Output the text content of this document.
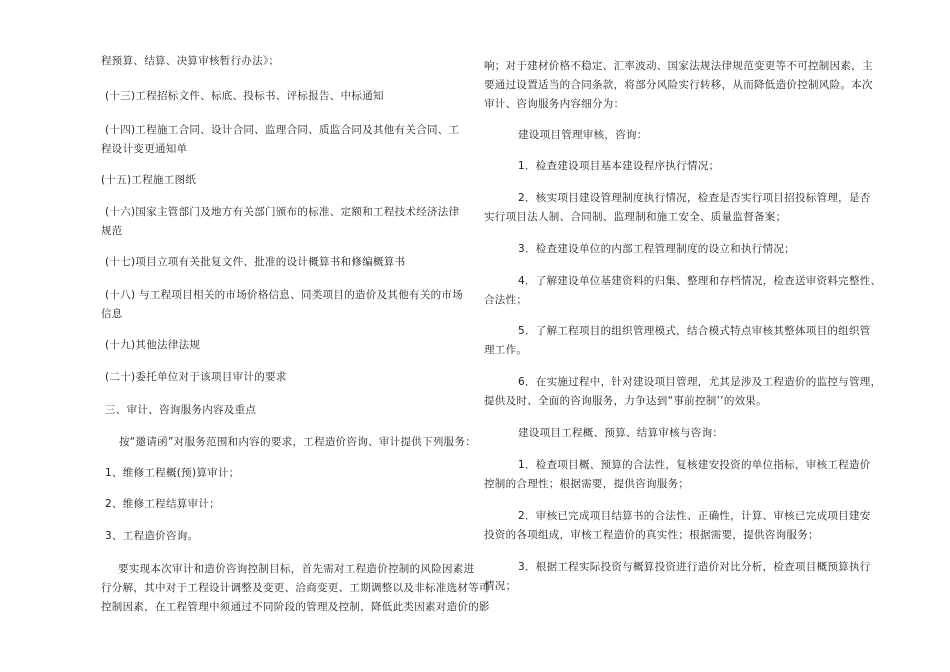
程预算、结算、决算审核暂行办法》；
(十三)工程招标文件、标底、投标书、评标报告、中标通知
(十四)工程施工合同、设计合同、监理合同、质监合同及其他有关合同、工
程设计变更通知单
(十五)工程施工图纸
(十六)国家主管部门及地方有关部门颁布的标准、定额和工程技术经济法律
规范
(十七)项目立项有关批复文件、批准的设计概算书和修编概算书
(十八) 与工程项目相关的市场价格信息、同类项目的造价及其他有关的市场
信息
(十九)其他法律法规
(二十)委托单位对于该项目审计的要求
三、审计、咨询服务内容及重点
按“邀请函”对服务范围和内容的要求，工程造价咨询、审计提供下列服务：
1、维修工程概(预)算审计；
2、维修工程结算审计；
3、工程造价咨询。
要实现本次审计和造价咨询控制目标，首先需对工程造价控制的风险因素进
行分解，其中对于工程设计调整及变更、洽商变更、工期调整以及非标准选材等可
控制因素，在工程管理中须通过不同阶段的管理及控制，降低此类因素对造价的影
响；对于建材价格不稳定、汇率波动、国家法规法律规范变更等不可控制因素，主
要通过设置适当的合同条款，将部分风险实行转移，从而降低造价控制风险。本次
审计、咨询服务内容细分为：
建设项目管理审核，咨询：
1．检查建设项目基本建设程序执行情况；
2．核实项目建设管理制度执行情况，检查是否实行项目招投标管理，是否
实行项目法人制、合同制、监理制和施工安全、质量监督备案；
3．检查建设单位的内部工程管理制度的设立和执行情况；
4．了解建设单位基建资料的归集、整理和存档情况，检查送审资料完整性、
合法性；
5．了解工程项目的组织管理模式，结合模式特点审核其整体项目的组织管
理工作。
6．在实施过程中，针对建设项目管理，尤其是涉及工程造价的监控与管理，
提供及时、全面的咨询服务，力争达到“事前控制’’的效果。
建设项目工程概、预算、结算审核与咨询：
1．检查项目概、预算的合法性，复核建安投资的单位指标，审核工程造价
控制的合理性；根据需要，提供咨询服务；
2．审核已完成项目结算书的合法性、正确性，计算、审核已完成项目建安
投资的各项组成，审核工程造价的真实性；根据需要，提供咨询服务；
3．根据工程实际投资与概算投资进行造价对比分析，检查项目概预算执行
情况；
